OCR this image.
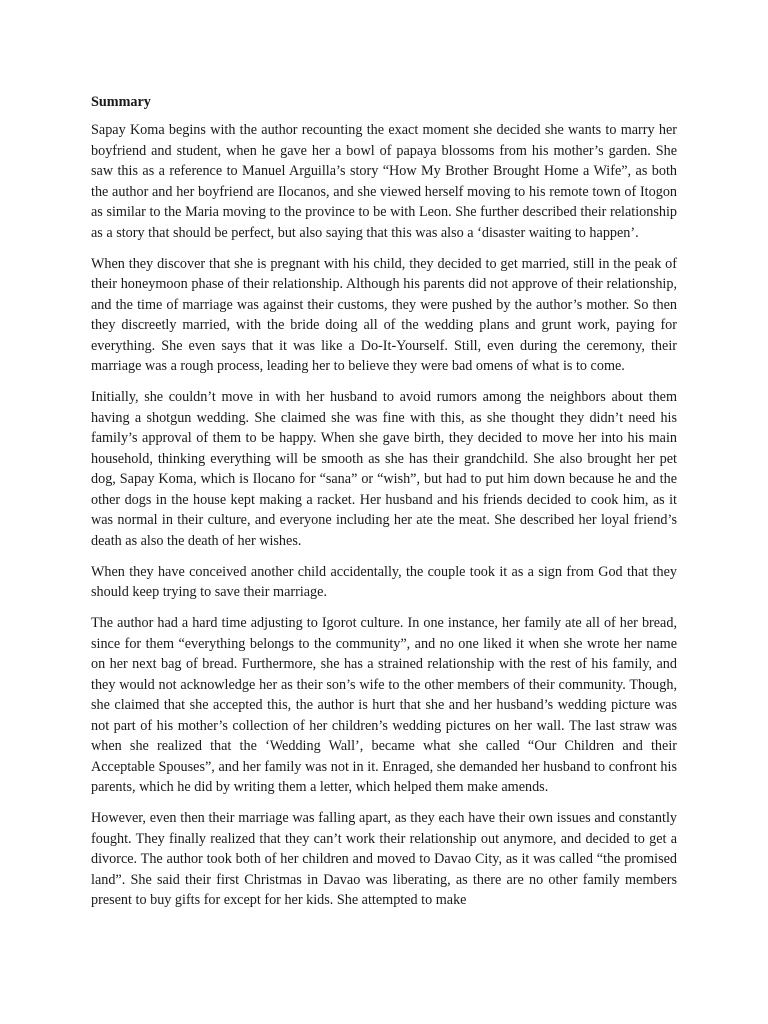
Summary

Sapay Koma begins with the author recounting the exact moment she decided she wants to marry her boyfriend and student, when he gave her a bowl of papaya blossoms from his mother’s garden. She saw this as a reference to Manuel Arguilla’s story “How My Brother Brought Home a Wife”, as both the author and her boyfriend are Ilocanos, and she viewed herself moving to his remote town of Itogon as similar to the Maria moving to the province to be with Leon. She further described their relationship as a story that should be perfect, but also saying that this was also a ‘disaster waiting to happen’.

When they discover that she is pregnant with his child, they decided to get married, still in the peak of their honeymoon phase of their relationship. Although his parents did not approve of their relationship, and the time of marriage was against their customs, they were pushed by the author’s mother. So then they discreetly married, with the bride doing all of the wedding plans and grunt work, paying for everything. She even says that it was like a Do-It-Yourself. Still, even during the ceremony, their marriage was a rough process, leading her to believe they were bad omens of what is to come.

Initially, she couldn’t move in with her husband to avoid rumors among the neighbors about them having a shotgun wedding. She claimed she was fine with this, as she thought they didn’t need his family’s approval of them to be happy. When she gave birth, they decided to move her into his main household, thinking everything will be smooth as she has their grandchild. She also brought her pet dog, Sapay Koma, which is Ilocano for “sana” or “wish”, but had to put him down because he and the other dogs in the house kept making a racket. Her husband and his friends decided to cook him, as it was normal in their culture, and everyone including her ate the meat. She described her loyal friend’s death as also the death of her wishes.

When they have conceived another child accidentally, the couple took it as a sign from God that they should keep trying to save their marriage.

The author had a hard time adjusting to Igorot culture. In one instance, her family ate all of her bread, since for them “everything belongs to the community”, and no one liked it when she wrote her name on her next bag of bread. Furthermore, she has a strained relationship with the rest of his family, and they would not acknowledge her as their son’s wife to the other members of their community. Though, she claimed that she accepted this, the author is hurt that she and her husband’s wedding picture was not part of his mother’s collection of her children’s wedding pictures on her wall. The last straw was when she realized that the ‘Wedding Wall’, became what she called “Our Children and their Acceptable Spouses”, and her family was not in it. Enraged, she demanded her husband to confront his parents, which he did by writing them a letter, which helped them make amends.

However, even then their marriage was falling apart, as they each have their own issues and constantly fought. They finally realized that they can’t work their relationship out anymore, and decided to get a divorce. The author took both of her children and moved to Davao City, as it was called “the promised land”. She said their first Christmas in Davao was liberating, as there are no other family members present to buy gifts for except for her kids. She attempted to make
